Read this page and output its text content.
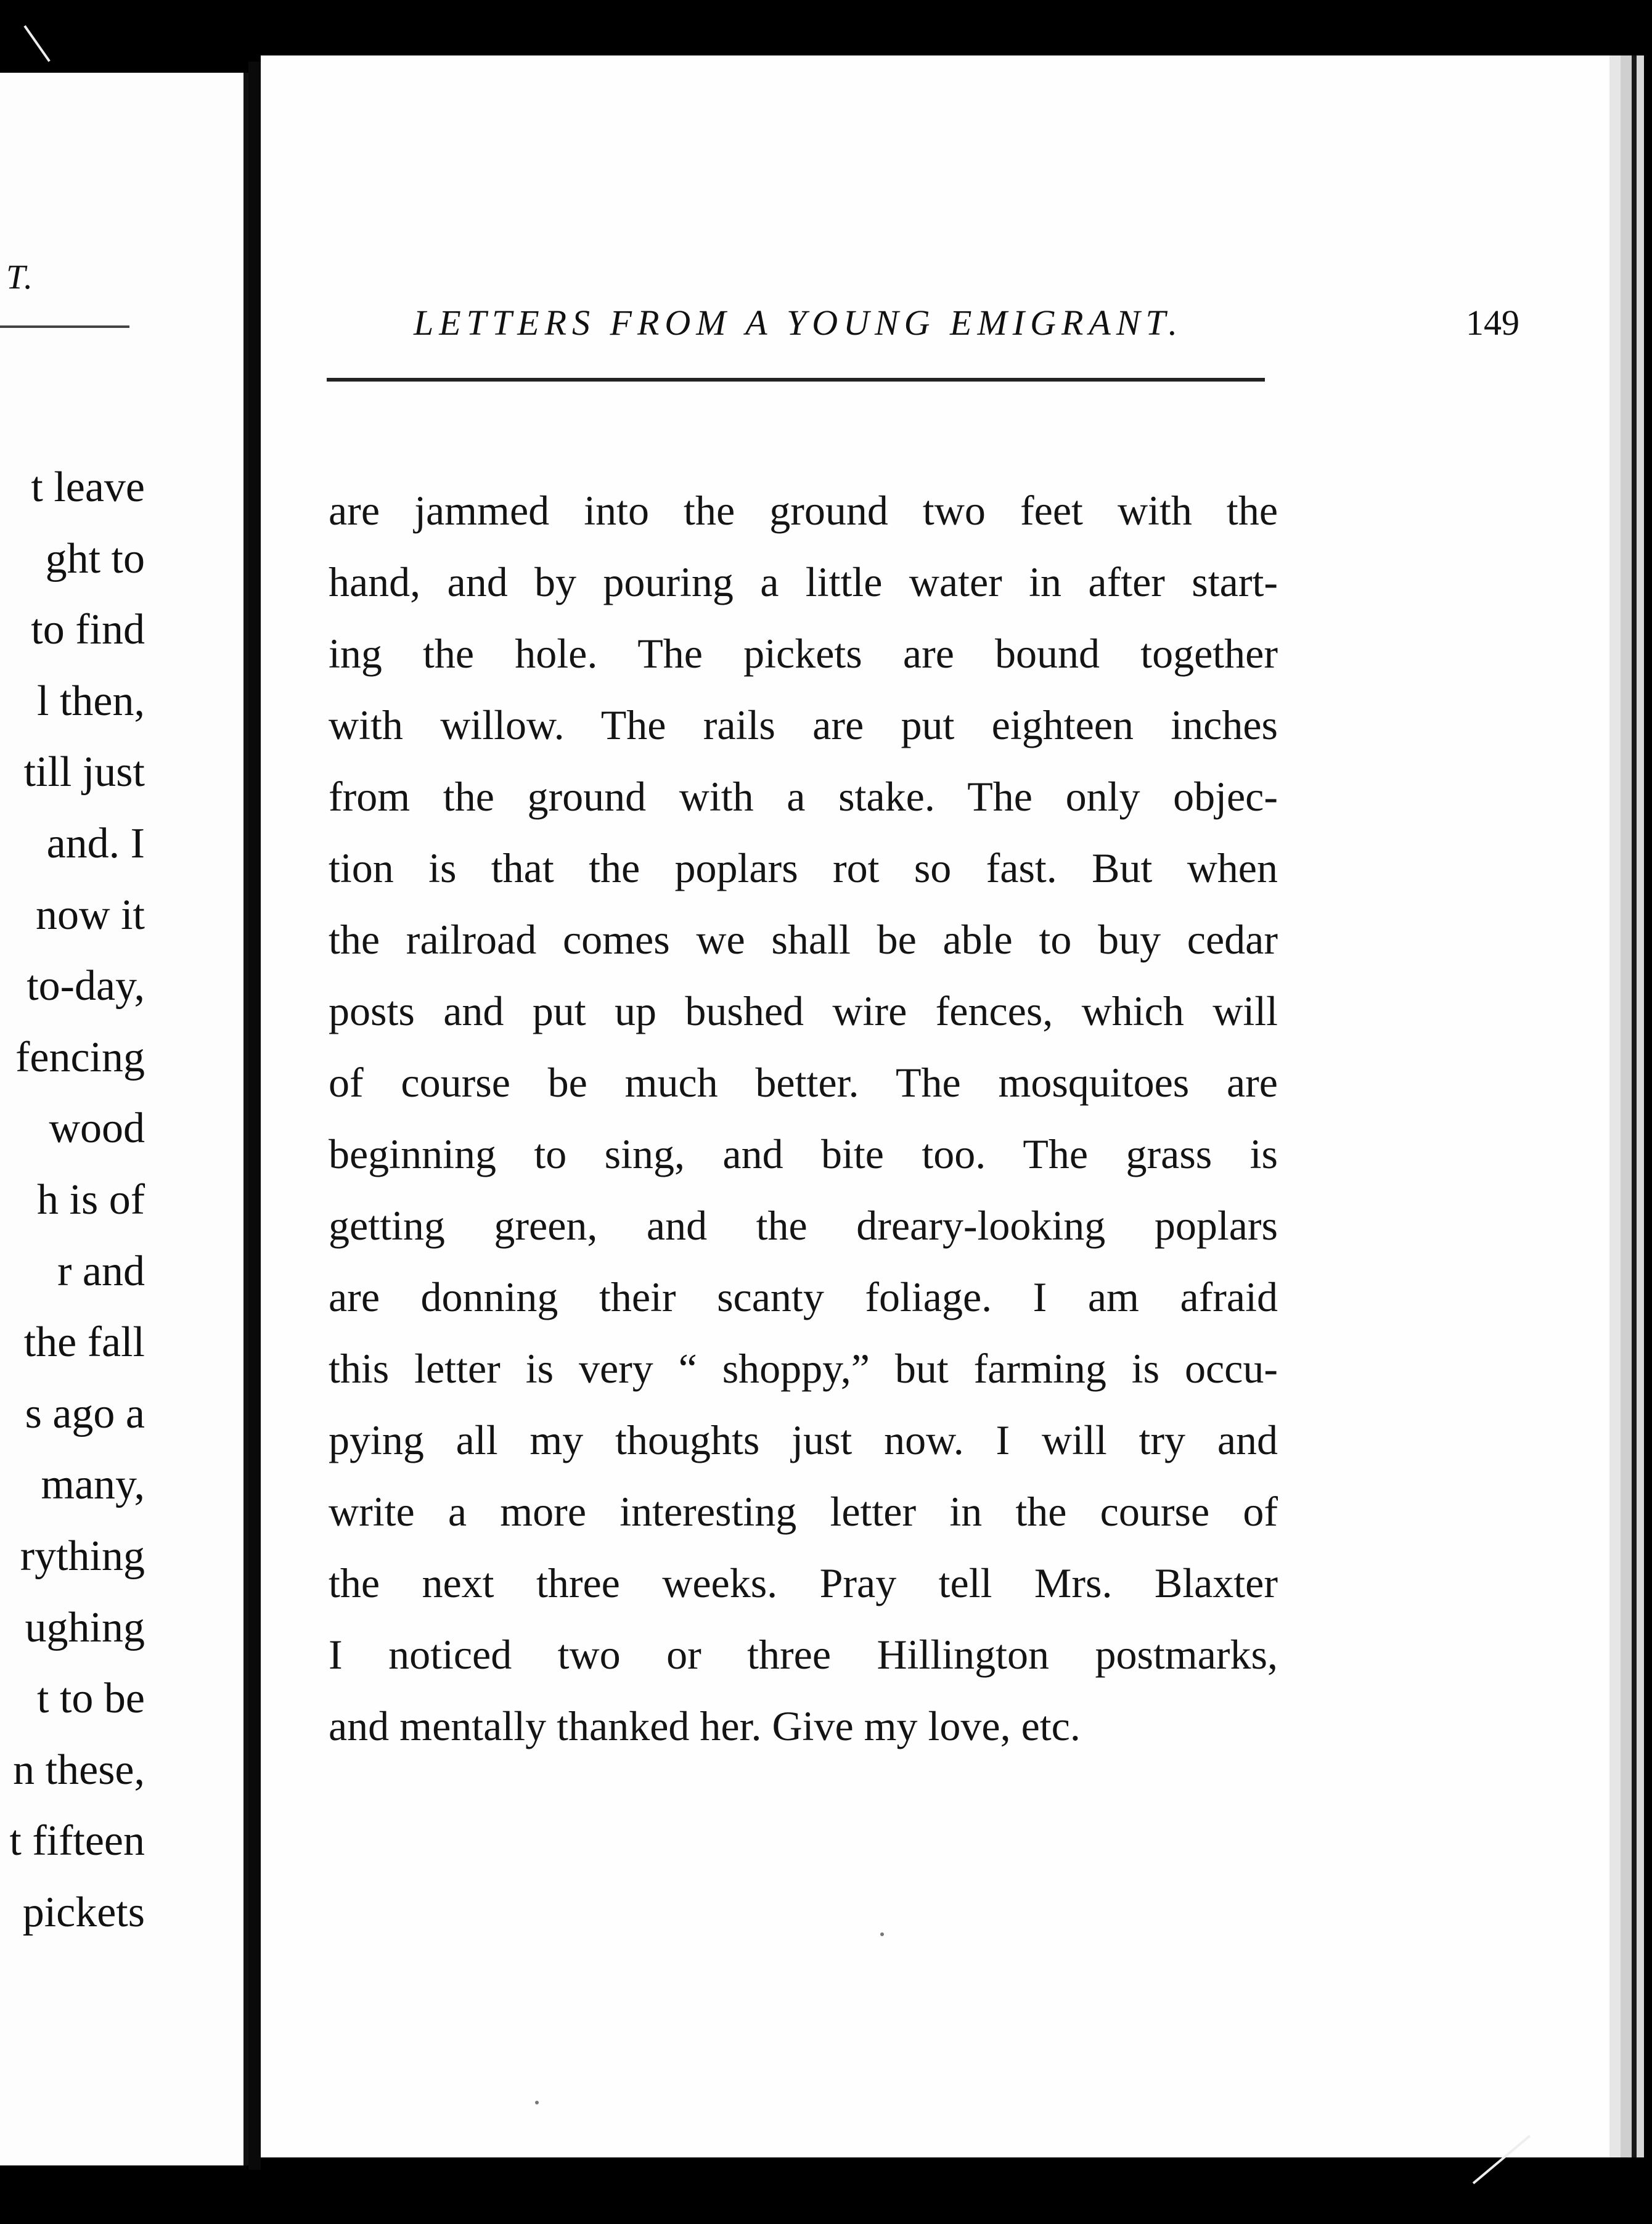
T.
t leave
ght to
to find
l then,
till just
and. I
now it
to-day,
fencing
wood
h is of
r and
the fall
s ago a
many,
rything
ughing
t to be
n these,
t fifteen
pickets
LETTERS FROM A YOUNG EMIGRANT.	149
are jammed into the ground two feet with the
hand, and by pouring a little water in after start-
ing the hole. The pickets are bound together
with willow. The rails are put eighteen inches
from the ground with a stake. The only objec-
tion is that the poplars rot so fast. But when
the railroad comes we shall be able to buy cedar
posts and put up bushed wire fences, which will
of course be much better. The mosquitoes are
beginning to sing, and bite too. The grass is
getting green, and the dreary-looking poplars
are donning their scanty foliage. I am afraid
this letter is very “ shoppy,” but farming is occu-
pying all my thoughts just now. I will try and
write a more interesting letter in the course of
the next three weeks. Pray tell Mrs. Blaxter
I noticed two or three Hillington postmarks,
and mentally thanked her. Give my love, etc.
